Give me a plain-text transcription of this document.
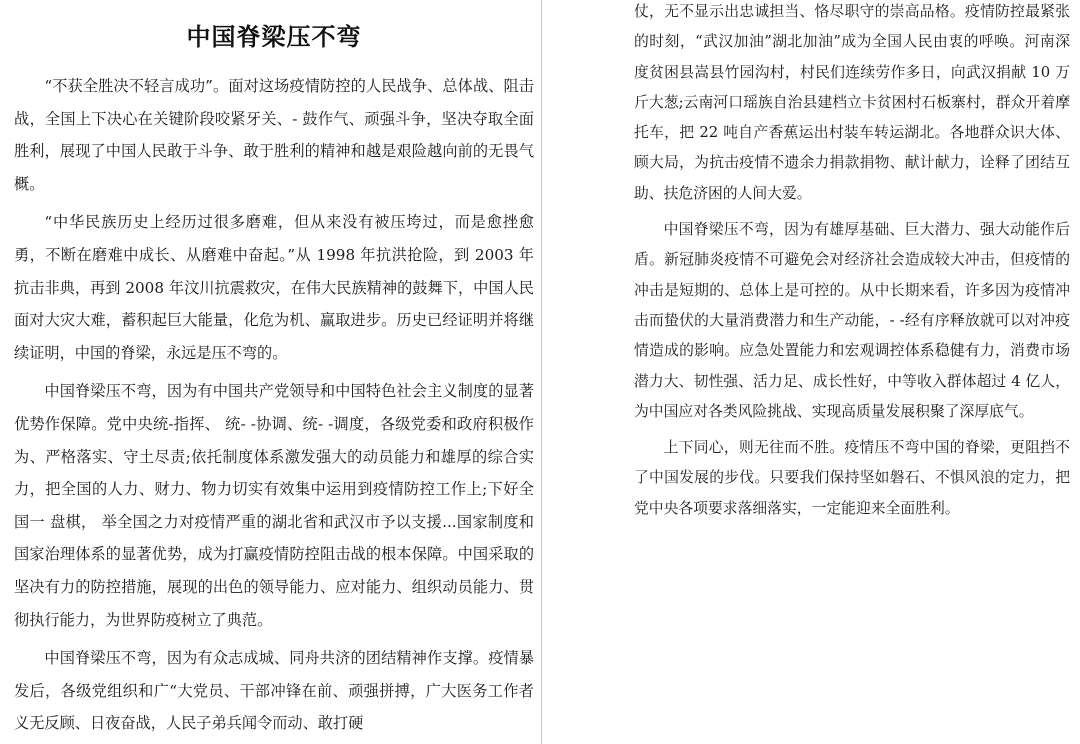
中国脊梁压不弯

“不获全胜决不轻言成功”。面对这场疫情防控的人民战争、总体战、阻击战，全国上下决心在关键阶段咬紧牙关、- 鼓作气、顽强斗争，坚决夺取全面胜利，展现了中国人民敢于斗争、敢于胜利的精神和越是艰险越向前的无畏气概。

“中华民族历史上经历过很多磨难，但从来没有被压垮过，而是愈挫愈勇，不断在磨难中成长、从磨难中奋起。”从 1998 年抗洪抢险，到 2003 年抗击非典，再到 2008 年汶川抗震救灾，在伟大民族精神的鼓舞下，中国人民面对大灾大难，蓄积起巨大能量，化危为机、赢取进步。历史已经证明并将继续证明，中国的脊梁，永远是压不弯的。

中国脊梁压不弯，因为有中国共产党领导和中国特色社会主义制度的显著优势作保障。党中央统-指挥、 统- -协调、统- -调度，各级党委和政府积极作为、严格落实、守土尽责;依托制度体系激发强大的动员能力和雄厚的综合实力，把全国的人力、财力、物力切实有效集中运用到疫情防控工作上;下好全国一 盘棋， 举全国之力对疫情严重的湖北省和武汉市予以支援...国家制度和国家治理体系的显著优势，成为打赢疫情防控阻击战的根本保障。中国采取的坚决有力的防控措施，展现的出色的领导能力、应对能力、组织动员能力、贯彻执行能力，为世界防疫树立了典范。

中国脊梁压不弯，因为有众志成城、同舟共济的团结精神作支撑。疫情暴发后，各级党组织和广“大党员、干部冲锋在前、顽强拼搏，广大医务工作者义无反顾、日夜奋战，人民子弟兵闻令而动、敢打硬

仗，无不显示出忠诚担当、恪尽职守的崇高品格。疫情防控最紧张的时刻，“武汉加油”湖北加油”成为全国人民由衷的呼唤。河南深度贫困县嵩县竹园沟村，村民们连续劳作多日，向武汉捐献 10 万斤大葱;云南河口瑶族自治县建档立卡贫困村石板寨村，群众开着摩托车，把 22 吨自产香蕉运出村装车转运湖北。各地群众识大体、顾大局，为抗击疫情不遗余力捐款捐物、献计献力，诠释了团结互助、扶危济困的人间大爱。

中国脊梁压不弯，因为有雄厚基础、巨大潜力、强大动能作后盾。新冠肺炎疫情不可避免会对经济社会造成较大冲击，但疫情的冲击是短期的、总体上是可控的。从中长期来看，许多因为疫情冲击而蛰伏的大量消费潜力和生产动能，- -经有序释放就可以对冲疫情造成的影响。应急处置能力和宏观调控体系稳健有力，消费市场潜力大、韧性强、活力足、成长性好，中等收入群体超过 4 亿人，为中国应对各类风险挑战、实现高质量发展积聚了深厚底气。

上下同心，则无往而不胜。疫情压不弯中国的脊梁，更阻挡不了中国发展的步伐。只要我们保持坚如磐石、不惧风浪的定力，把党中央各项要求落细落实，一定能迎来全面胜利。
